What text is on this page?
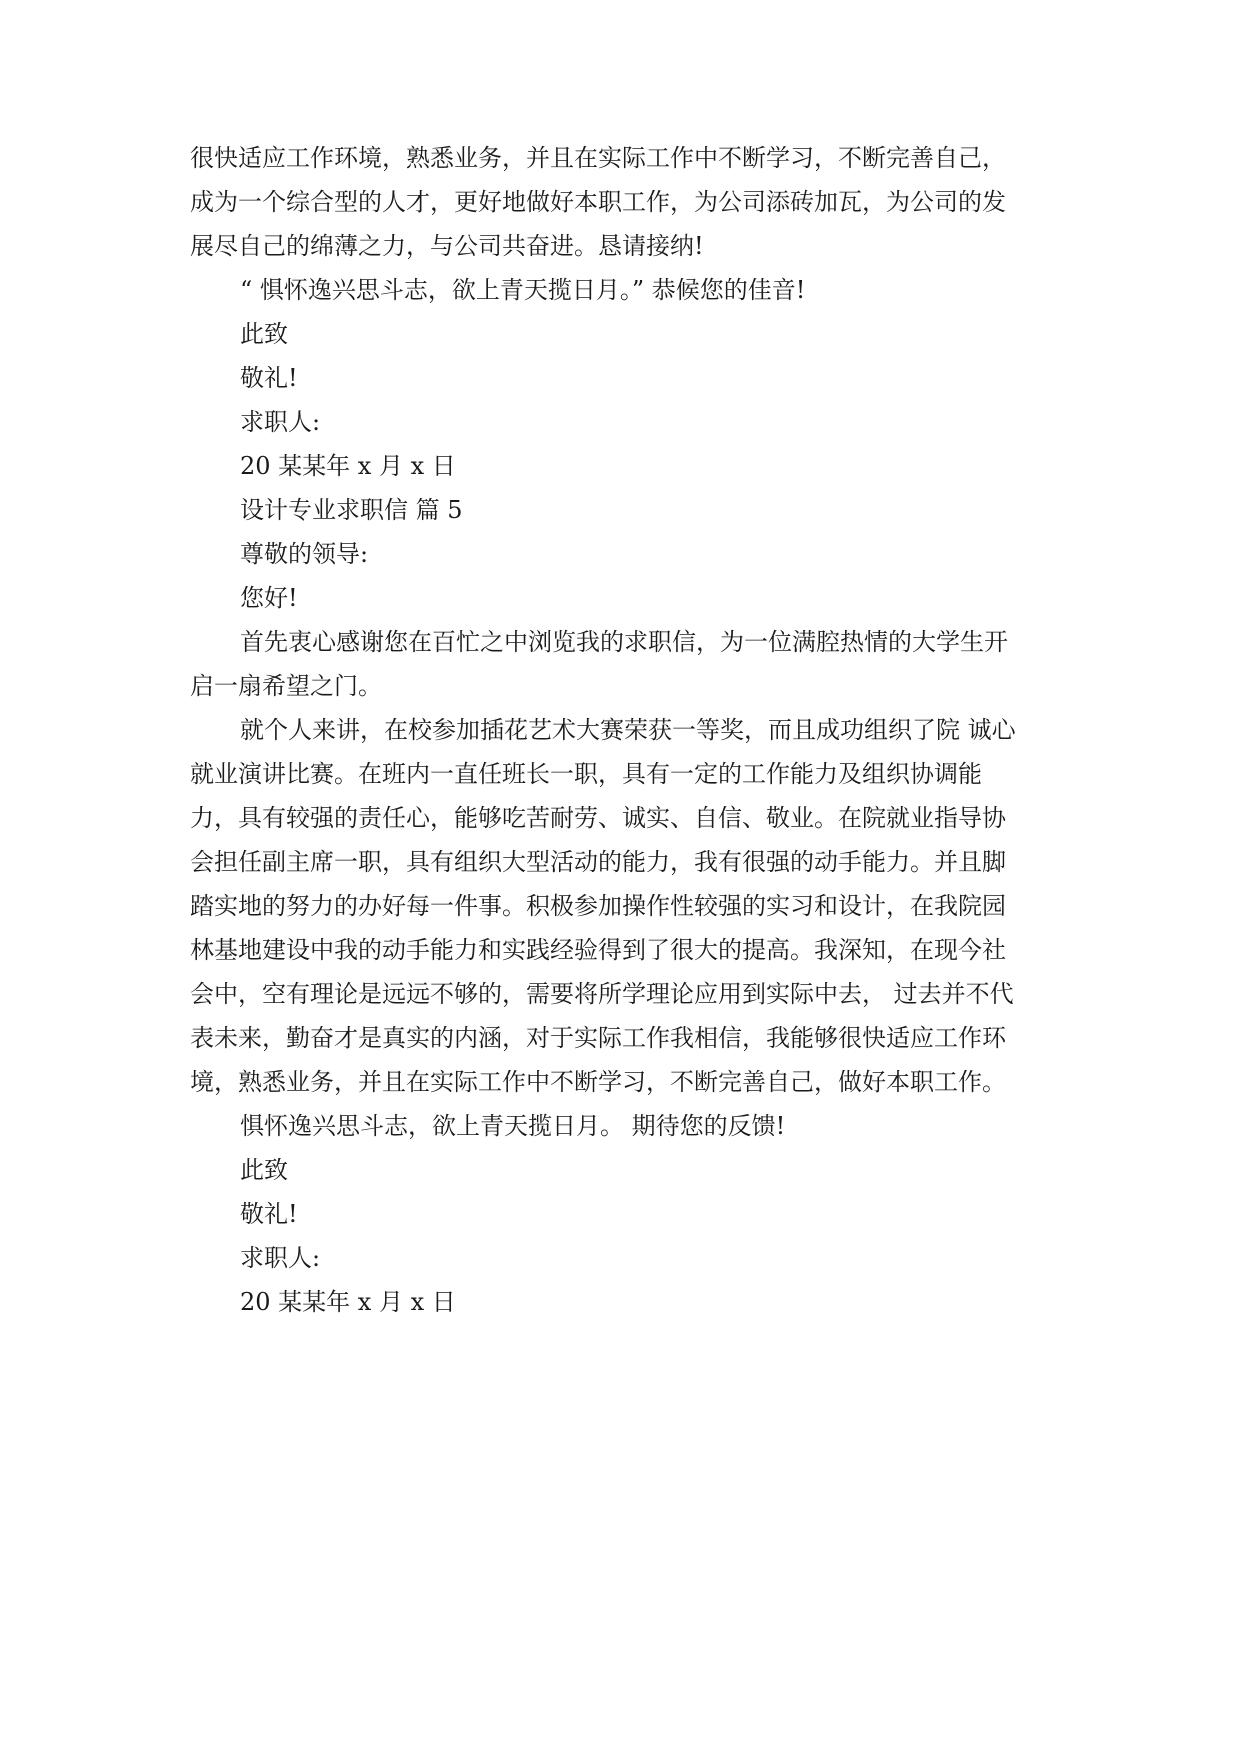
很快适应工作环境，熟悉业务，并且在实际工作中不断学习，不断完善自己，
成为一个综合型的人才，更好地做好本职工作，为公司添砖加瓦，为公司的发
展尽自己的绵薄之力，与公司共奋进。恳请接纳!
“ 惧怀逸兴思斗志，欲上青天揽日月。” 恭候您的佳音!
此致
敬礼!
求职人:
20 某某年 x 月 x 日
设计专业求职信 篇 5
尊敬的领导:
您好!
首先衷心感谢您在百忙之中浏览我的求职信，为一位满腔热情的大学生开
启一扇希望之门。
就个人来讲，在校参加插花艺术大赛荣获一等奖，而且成功组织了院 诚心
就业演讲比赛。在班内一直任班长一职，具有一定的工作能力及组织协调能
力，具有较强的责任心，能够吃苦耐劳、诚实、自信、敬业。在院就业指导协
会担任副主席一职，具有组织大型活动的能力，我有很强的动手能力。并且脚
踏实地的努力的办好每一件事。积极参加操作性较强的实习和设计，在我院园
林基地建设中我的动手能力和实践经验得到了很大的提高。我深知，在现今社
会中，空有理论是远远不够的，需要将所学理论应用到实际中去， 过去并不代
表未来，勤奋才是真实的内涵，对于实际工作我相信，我能够很快适应工作环
境，熟悉业务，并且在实际工作中不断学习，不断完善自己，做好本职工作。
惧怀逸兴思斗志，欲上青天揽日月。 期待您的反馈!
此致
敬礼!
求职人:
20 某某年 x 月 x 日
